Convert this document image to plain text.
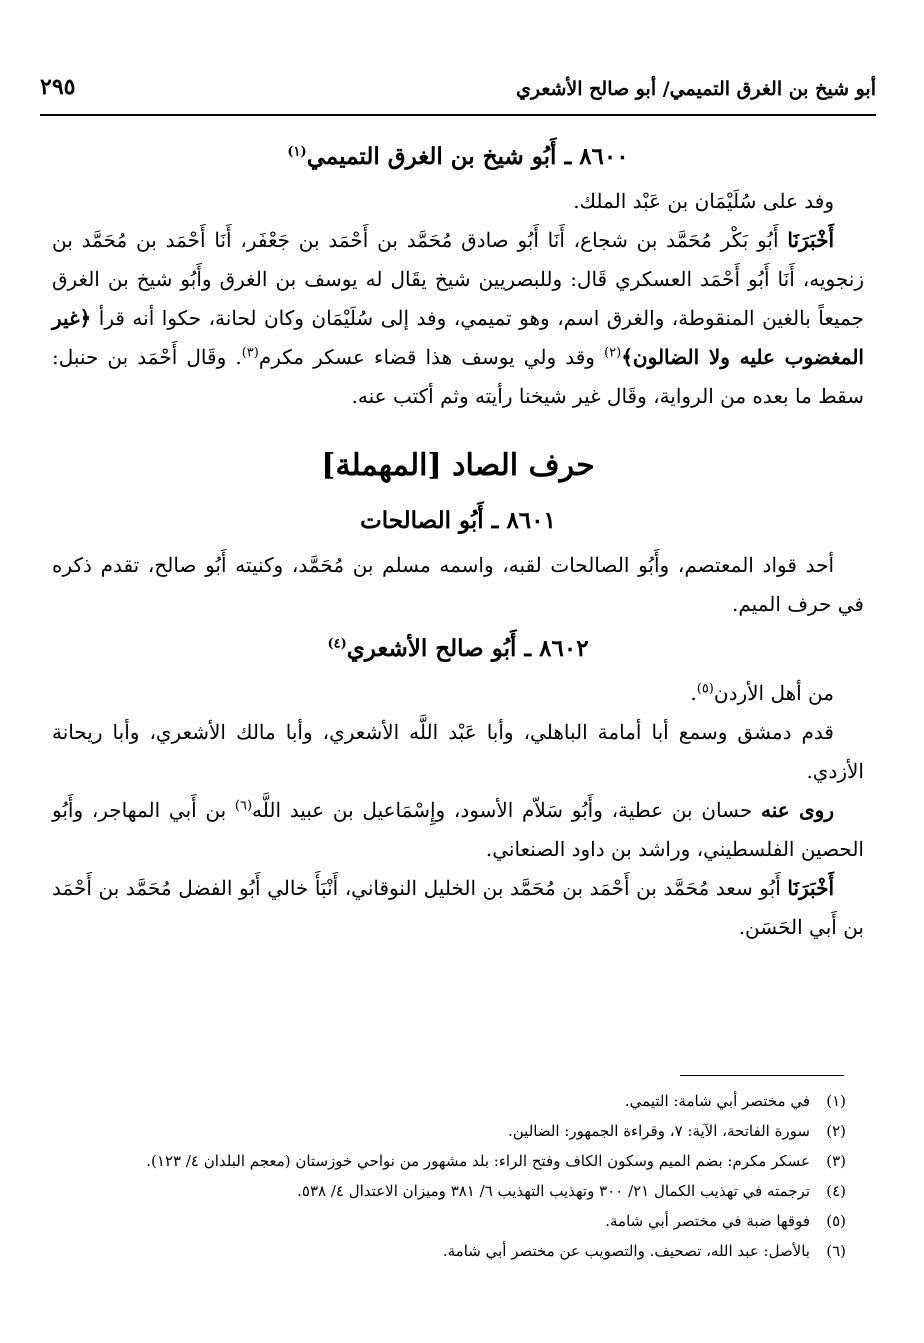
أبو شيخ بن الغرق التميمي/ أبو صالح الأشعري
٢٩٥
٨٦٠٠ ـ أَبُو شيخ بن الغرق التميمي$^{(١)}$

وفد على سُلَيْمَان بن عَبْد الملك.

أَخْبَرَنَا أَبُو بَكْر مُحَمَّد بن شجاع، أَنَا أَبُو صادق مُحَمَّد بن أَحْمَد بن جَعْفَر، أَنَا أَحْمَد بن مُحَمَّد بن زنجويه، أَنَا أَبُو أَحْمَد العسكري قَال: وللبصريين شيخ يقَال له يوسف بن الغرق وأَبُو شيخ بن الغرق جميعاً بالغين المنقوطة، والغرق اسم، وهو تميمي، وفد إلى سُلَيْمَان وكان لحانة، حكوا أنه قرأ ﴿غير المغضوب عليه ولا الضالون﴾$^{(٢)}$ وقد ولي يوسف هذا قضاء عسكر مكرم$^{(٣)}$. وقَال أَحْمَد بن حنبل: سقط ما بعده من الرواية، وقَال غير شيخنا رأيته وثم أكتب عنه.

حرف الصاد [المهملة]
٨٦٠١ ـ أَبُو الصالحات

أحد قواد المعتصم، وأَبُو الصالحات لقبه، واسمه مسلم بن مُحَمَّد، وكنيته أَبُو صالح، تقدم ذكره في حرف الميم.

٨٦٠٢ ـ أَبُو صالح الأشعري$^{(٤)}$

من أهل الأردن$^{(٥)}$.

قدم دمشق وسمع أبا أمامة الباهلي، وأبا عَبْد اللَّه الأشعري، وأبا مالك الأشعري، وأبا ريحانة الأزدي.

روى عنه حسان بن عطية، وأَبُو سَلاّم الأسود، وإِسْمَاعيل بن عبيد اللَّه$^{(٦)}$ بن أَبي المهاجر، وأَبُو الحصين الفلسطيني، وراشد بن داود الصنعاني.

أَخْبَرَنَا أَبُو سعد مُحَمَّد بن أَحْمَد بن مُحَمَّد بن الخليل النوقاني، أَنْبَأَ خالي أَبُو الفضل مُحَمَّد بن أَحْمَد بن أَبي الحَسَن.

(١)في مختصر أبي شامة: التيمي.
(٢)سورة الفاتحة، الآية: ٧، وقراءة الجمهور: الضالين.
(٣)عسكر مكرم: بضم الميم وسكون الكاف وفتح الراء: بلد مشهور من نواحي خوزستان (معجم البلدان ٤/ ١٢٣).
(٤)ترجمته في تهذيب الكمال ٢١/ ٣٠٠ وتهذيب التهذيب ٦/ ٣٨١ وميزان الاعتدال ٤/ ٥٣٨.
(٥)فوقها ضبة في مختصر أبي شامة.
(٦)بالأصل: عبد الله، تصحيف. والتصويب عن مختصر أبي شامة.
